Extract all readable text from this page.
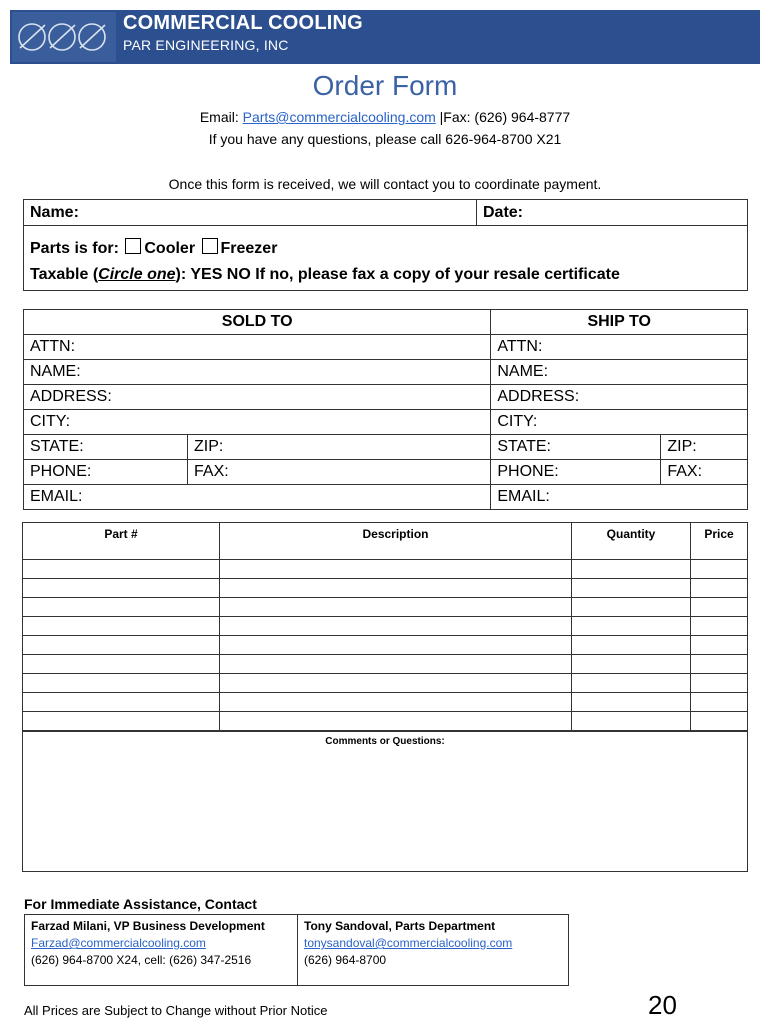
COMMERCIAL COOLING
PAR ENGINEERING, INC
Order Form
Email: Parts@commercialcooling.com |Fax: (626) 964-8777
If you have any questions, please call 626-964-8700 X21
Once this form is received, we will contact you to coordinate payment.
Name:	Date:

Parts is for: Cooler Freezer
Taxable (Circle one): YES NO If no, please fax a copy of your resale certificate
SOLD TO		SHIP TO	
ATTN:		ATTN:	
NAME:		NAME:	
ADDRESS:		ADDRESS:	
CITY:		CITY:	
STATE:	ZIP:	STATE:	ZIP:
PHONE:	FAX:	PHONE:	FAX:
EMAIL:		EMAIL:	
Part #	Description	Quantity	Price

Comments or Questions:
For Immediate Assistance, Contact
Farzad Milani, VP Business Development
Farzad@commercialcooling.com
(626) 964-8700 X24, cell: (626) 347-2516

Tony Sandoval, Parts Department
tonysandoval@commercialcooling.com
(626) 964-8700
All Prices are Subject to Change without Prior Notice	20
